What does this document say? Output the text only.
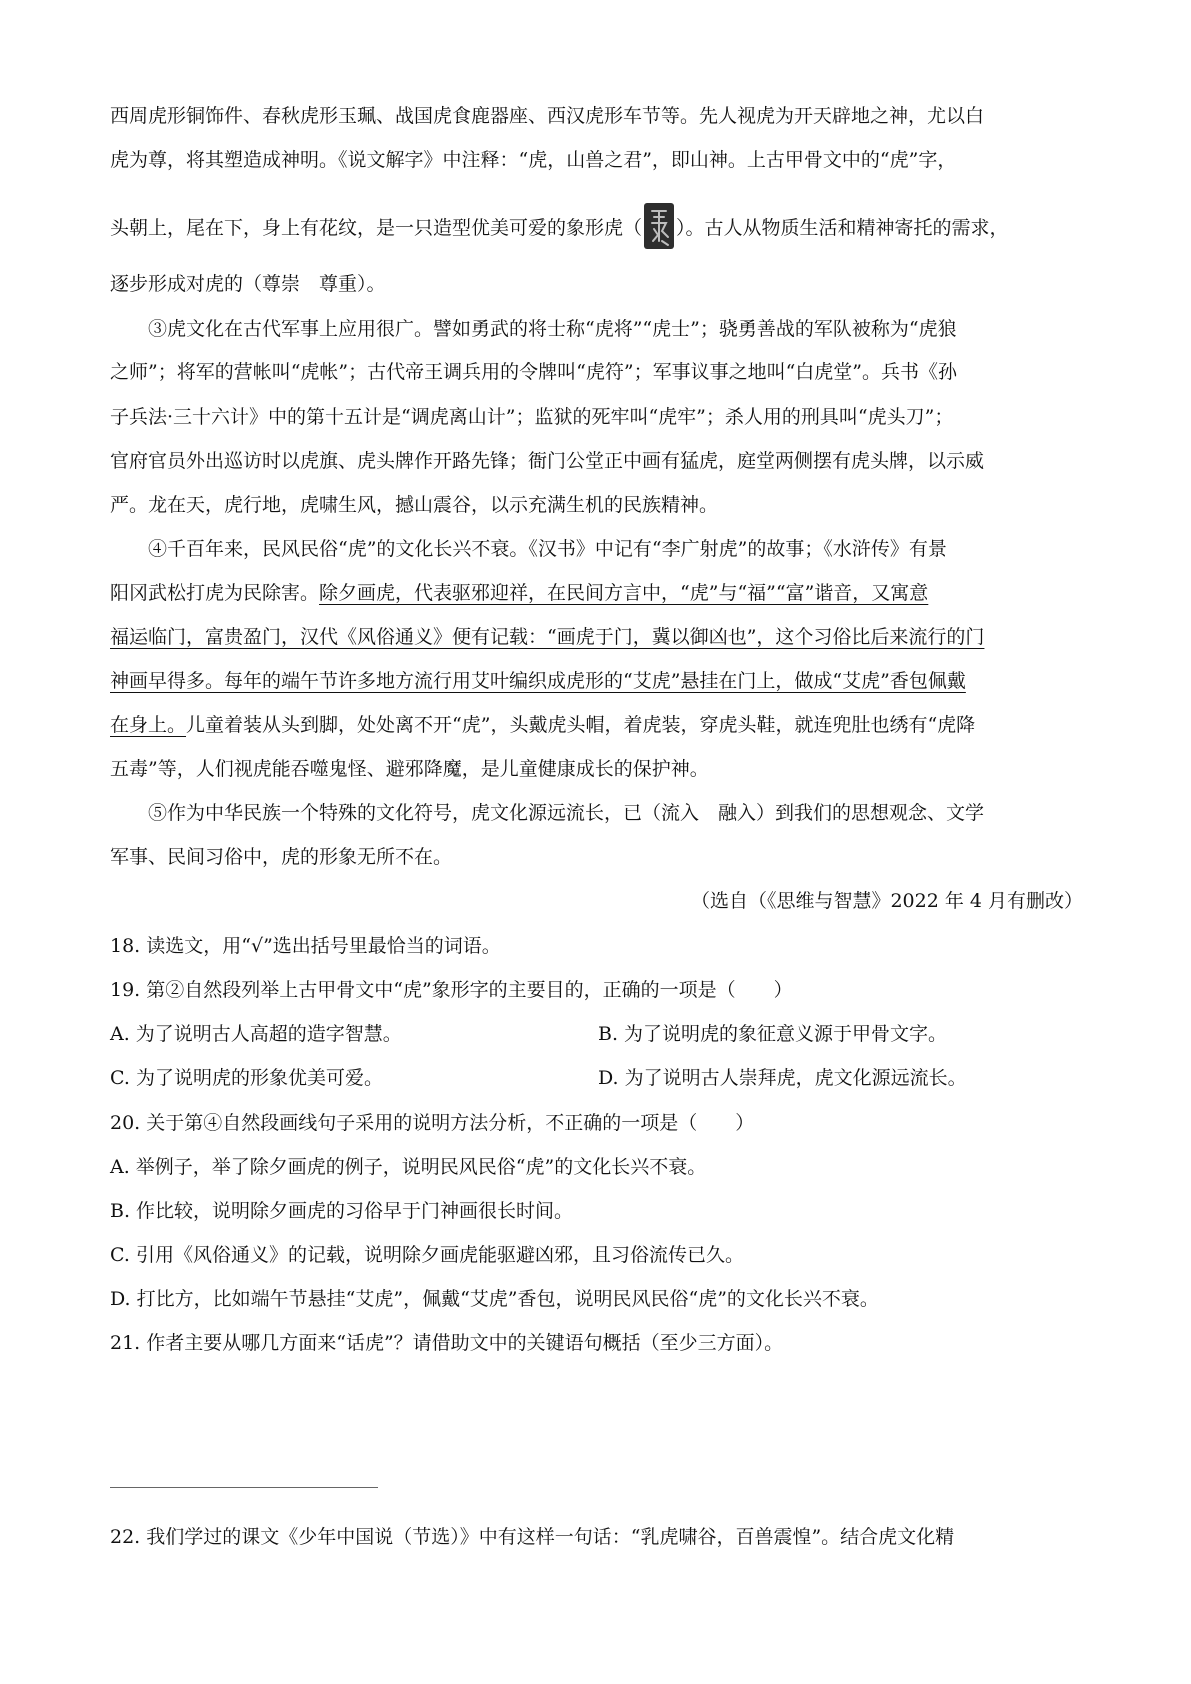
西周虎形铜饰件、春秋虎形玉珮、战国虎食鹿器座、西汉虎形车节等。先人视虎为开天辟地之神，尤以白
虎为尊，将其塑造成神明。《说文解字》中注释：“虎，山兽之君”，即山神。上古甲骨文中的“虎”字，
头朝上，尾在下，身上有花纹，是一只造型优美可爱的象形虎（ ）。古人从物质生活和精神寄托的需求，
逐步形成对虎的（尊崇　尊重）。
③虎文化在古代军事上应用很广。譬如勇武的将士称“虎将”“虎士”；骁勇善战的军队被称为“虎狼
之师”；将军的营帐叫“虎帐”；古代帝王调兵用的令牌叫“虎符”；军事议事之地叫“白虎堂”。兵书《孙
子兵法·三十六计》中的第十五计是“调虎离山计”；监狱的死牢叫“虎牢”；杀人用的刑具叫“虎头刀”；
官府官员外出巡访时以虎旗、虎头牌作开路先锋；衙门公堂正中画有猛虎，庭堂两侧摆有虎头牌，以示威
严。龙在天，虎行地，虎啸生风，撼山震谷，以示充满生机的民族精神。
④千百年来，民风民俗“虎”的文化长兴不衰。《汉书》中记有“李广射虎”的故事；《水浒传》有景
阳冈武松打虎为民除害。除夕画虎，代表驱邪迎祥，在民间方言中，“虎”与“福”“富”谐音，又寓意
福运临门，富贵盈门，汉代《风俗通义》便有记载：“画虎于门，冀以御凶也”，这个习俗比后来流行的门
神画早得多。每年的端午节许多地方流行用艾叶编织成虎形的“艾虎”悬挂在门上，做成“艾虎”香包佩戴
在身上。儿童着装从头到脚，处处离不开“虎”，头戴虎头帽，着虎装，穿虎头鞋，就连兜肚也绣有“虎降
五毒”等，人们视虎能吞噬鬼怪、避邪降魔，是儿童健康成长的保护神。
⑤作为中华民族一个特殊的文化符号，虎文化源远流长，已（流入　融入）到我们的思想观念、文学
军事、民间习俗中，虎的形象无所不在。
（选自（《思维与智慧》2022 年 4 月有删改）
18. 读选文，用“√”选出括号里最恰当的词语。
19. 第②自然段列举上古甲骨文中“虎”象形字的主要目的，正确的一项是（　　）
A. 为了说明古人高超的造字智慧。	B. 为了说明虎的象征意义源于甲骨文字。
C. 为了说明虎的形象优美可爱。	D. 为了说明古人崇拜虎，虎文化源远流长。
20. 关于第④自然段画线句子采用的说明方法分析，不正确的一项是（　　）
A. 举例子，举了除夕画虎的例子，说明民风民俗“虎”的文化长兴不衰。
B. 作比较，说明除夕画虎的习俗早于门神画很长时间。
C. 引用《风俗通义》的记载，说明除夕画虎能驱避凶邪，且习俗流传已久。
D. 打比方，比如端午节悬挂“艾虎”，佩戴“艾虎”香包，说明民风民俗“虎”的文化长兴不衰。
21. 作者主要从哪几方面来“话虎”？请借助文中的关键语句概括（至少三方面）。
22. 我们学过的课文《少年中国说（节选）》中有这样一句话：“乳虎啸谷，百兽震惶”。结合虎文化精
